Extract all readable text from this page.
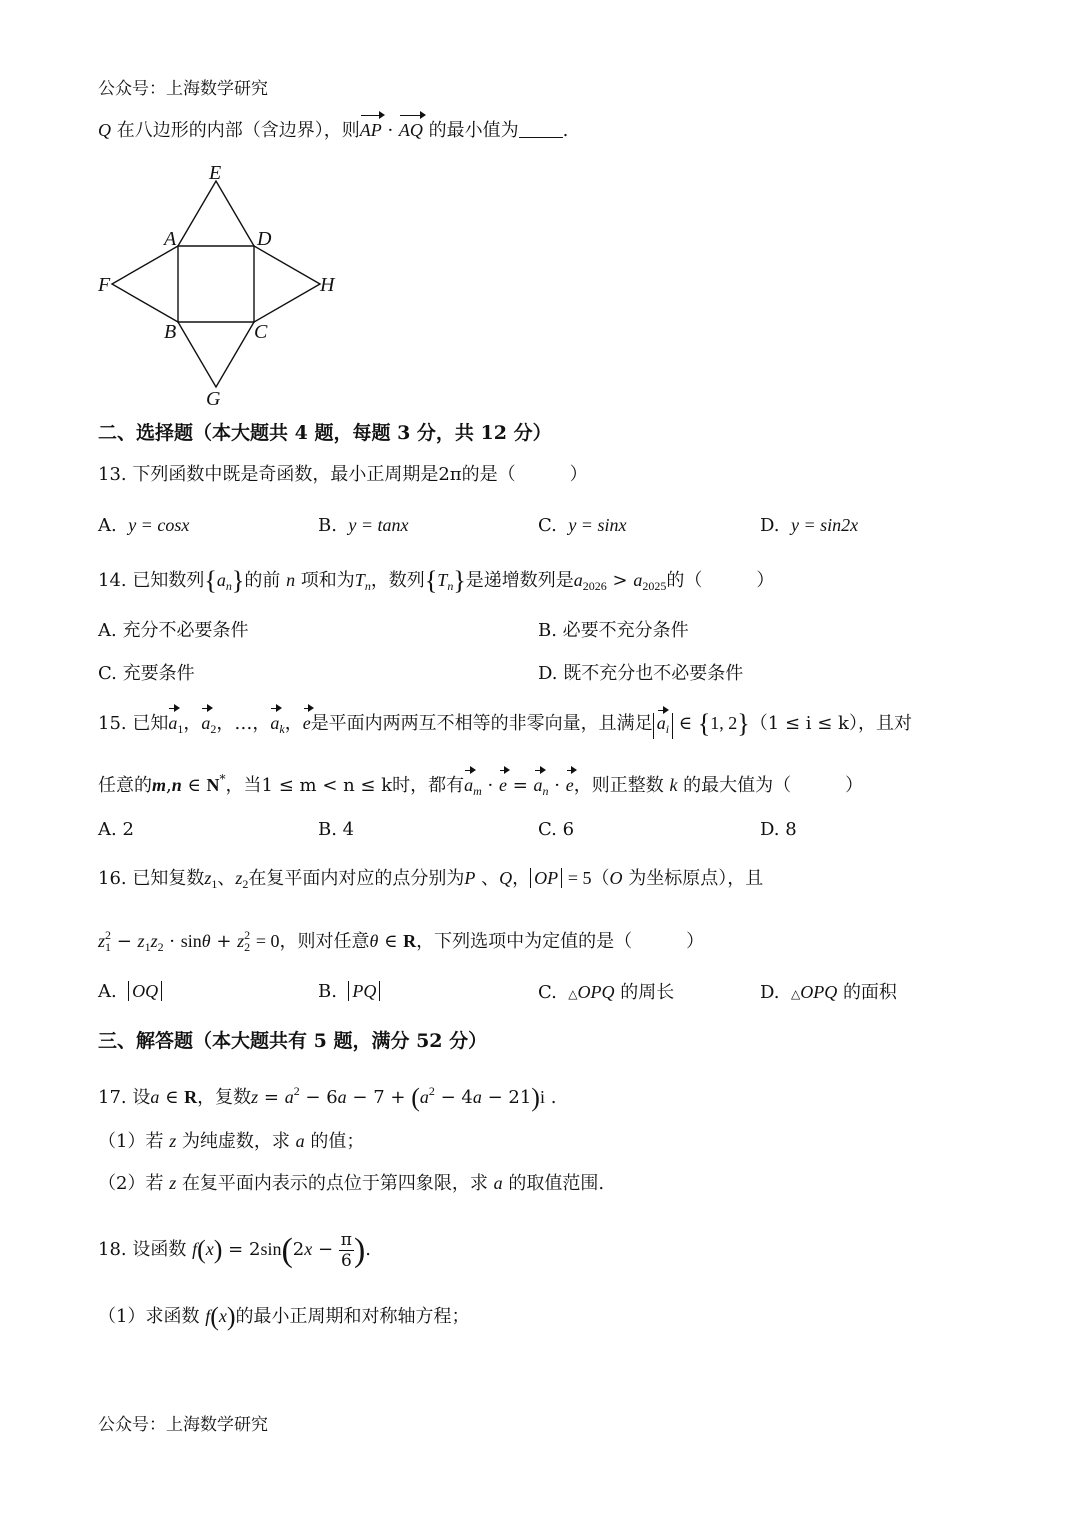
公众号：上海数学研究
Q 在八边形的内部（含边界），则AP · AQ 的最小值为 .
E
A	D
F	H
B	C
G
二、选择题（本大题共 4 题，每题 3 分，共 12 分）
13. 下列函数中既是奇函数，最小正周期是2π的是（　　　）
A. y = cosx	B. y = tanx	C. y = sinx	D. y = sin2x
14. 已知数列$\{a_n\}$的前 n 项和为$T_n$，数列$\{T_n\}$是递增数列是$a_{2026} > a_{2025}$的（　　　）
A. 充分不必要条件	B. 必要不充分条件
C. 充要条件	D. 既不充分也不必要条件
15. 已知$a_1$，$a_2$，…，$a_k$，e是平面内两两互不相等的非零向量，且满足 $a_i$ ∈ {1, 2}（1 ≤ i ≤ k），且对
任意的m,n ∈ N*，当1 ≤ m < n ≤ k时，都有$a_m \cdot e = a_n \cdot e$，则正整数 k 的最大值为（　　　）
A. 2	B. 4	C. 6	D. 8
16. 已知复数$z_1$、$z_2$在复平面内对应的点分别为P 、Q， OP = 5（O 为坐标原点），且
$z^2_1 - z_1z_2 \cdot \sin\theta + z^2_2 = 0$，则对任意θ ∈ R，下列选项中为定值的是（　　　）
A.  OQ	B.  PQ	C.  △OPQ 的周长	D.  △OPQ 的面积
三、解答题（本大题共有 5 题，满分 52 分）
17. 设a ∈ R，复数$z = a^2 - 6a - 7 + (a^2 - 4a - 21)i$ .
（1）若 z 为纯虚数，求 a 的值；
（2）若 z 在复平面内表示的点位于第四象限，求 a 的取值范围.
18. 设函数 $f(x) = 2\sin(2x - \frac{\pi}{6}$ ).
（1）求函数 f(x)的最小正周期和对称轴方程；
公众号：上海数学研究
